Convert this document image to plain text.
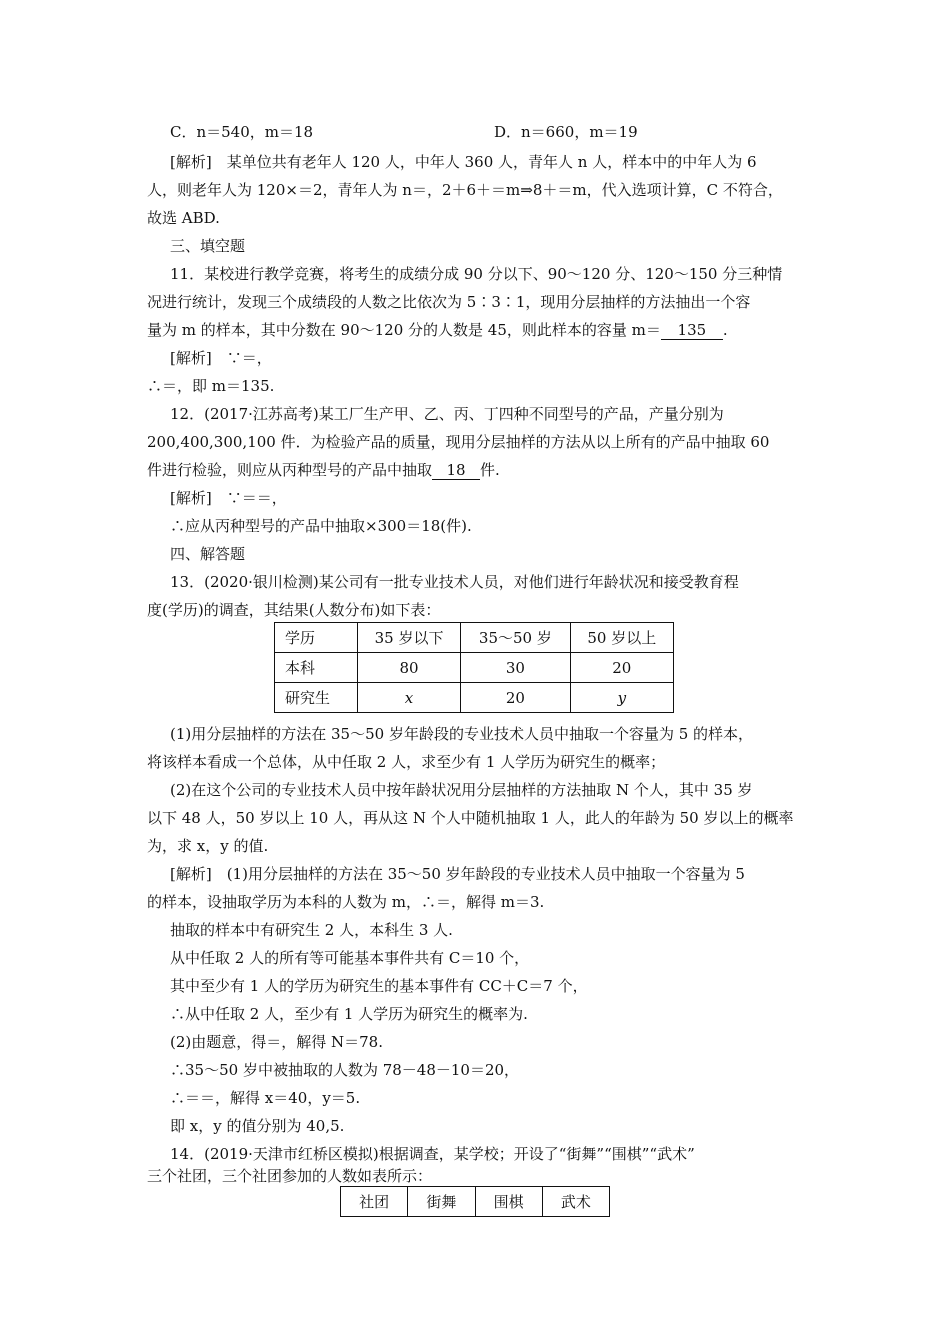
C．n＝540，m＝18	D．n＝660，m＝19
[解析]　某单位共有老年人 120 人，中年人 360 人，青年人 n 人，样本中的中年人为 6
人，则老年人为 120×＝2，青年人为 n＝，2＋6＋＝m⇒8＋＝m，代入选项计算，C 不符合，
故选 ABD.
三、填空题
11．某校进行教学竞赛，将考生的成绩分成 90 分以下、90～120 分、120～150 分三种情
况进行统计，发现三个成绩段的人数之比依次为 5∶3∶1，现用分层抽样的方法抽出一个容
量为 m 的样本，其中分数在 90～120 分的人数是 45，则此样本的容量 m＝ 135 .
[解析]　∵＝，
∴＝，即 m＝135.
12．(2017·江苏高考)某工厂生产甲、乙、丙、丁四种不同型号的产品，产量分别为
200,400,300,100 件．为检验产品的质量，现用分层抽样的方法从以上所有的产品中抽取 60
件进行检验，则应从丙种型号的产品中抽取 18 件.
[解析]　∵＝＝，
∴应从丙种型号的产品中抽取×300＝18(件).
四、解答题
13．(2020·银川检测)某公司有一批专业技术人员，对他们进行年龄状况和接受教育程
度(学历)的调查，其结果(人数分布)如下表：
学历	35 岁以下	35～50 岁	50 岁以上
本科	80	30	20
研究生	x	20	y
(1)用分层抽样的方法在 35～50 岁年龄段的专业技术人员中抽取一个容量为 5 的样本，
将该样本看成一个总体，从中任取 2 人，求至少有 1 人学历为研究生的概率；
(2)在这个公司的专业技术人员中按年龄状况用分层抽样的方法抽取 N 个人，其中 35 岁
以下 48 人，50 岁以上 10 人，再从这 N 个人中随机抽取 1 人，此人的年龄为 50 岁以上的概率
为，求 x，y 的值.
[解析]　(1)用分层抽样的方法在 35～50 岁年龄段的专业技术人员中抽取一个容量为 5
的样本，设抽取学历为本科的人数为 m，∴＝，解得 m＝3.
抽取的样本中有研究生 2 人，本科生 3 人.
从中任取 2 人的所有等可能基本事件共有 C＝10 个，
其中至少有 1 人的学历为研究生的基本事件有 CC＋C＝7 个，
∴从中任取 2 人，至少有 1 人学历为研究生的概率为.
(2)由题意，得＝，解得 N＝78.
∴35～50 岁中被抽取的人数为 78－48－10＝20，
∴＝＝，解得 x＝40，y＝5.
即 x，y 的值分别为 40,5.
14．(2019·天津市红桥区模拟)根据调查，某学校；开设了“街舞”“围棋”“武术”
三个社团，三个社团参加的人数如表所示：
社团	街舞	围棋	武术
